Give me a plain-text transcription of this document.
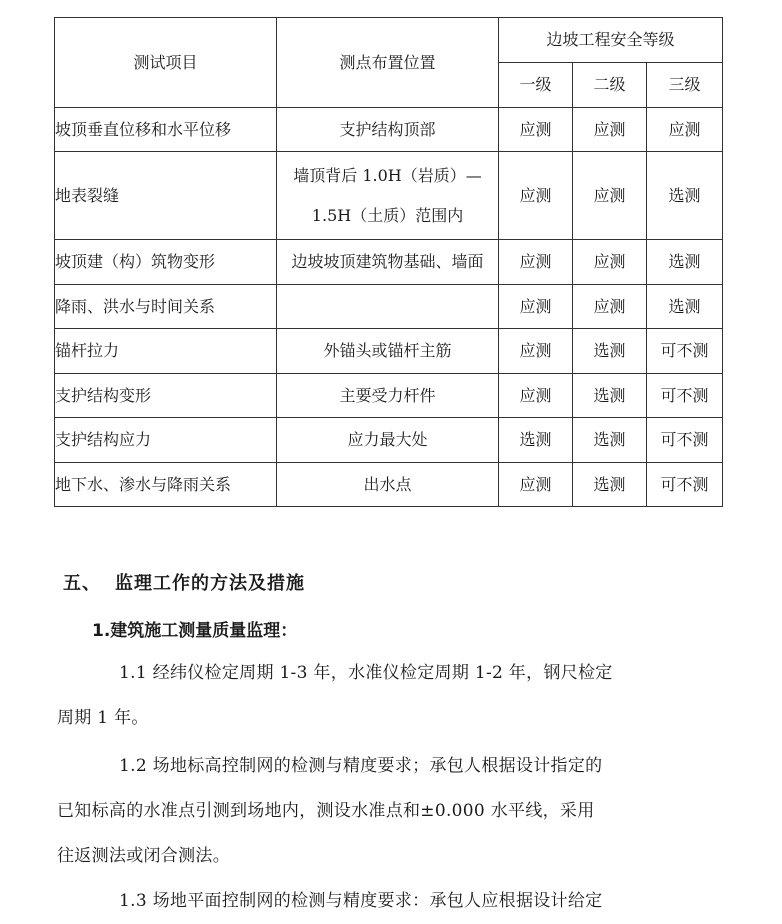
测试项目	测点布置位置	边坡工程安全等级		
		一级	二级	三级
坡顶垂直位移和水平位移	支护结构顶部	应测	应测	应测
地表裂缝	墙顶背后 1.0H（岩质）—
1.5H（土质）范围内	应测	应测	选测
坡顶建（构）筑物变形	边坡坡顶建筑物基础、墙面	应测	应测	选测
降雨、洪水与时间关系		应测	应测	选测
锚杆拉力	外锚头或锚杆主筋	应测	选测	可不测
支护结构变形	主要受力杆件	应测	选测	可不测
支护结构应力	应力最大处	选测	选测	可不测
地下水、渗水与降雨关系	出水点	应测	选测	可不测
五、 监理工作的方法及措施
1.建筑施工测量质量监理：
1.1 经纬仪检定周期 1-3 年，水准仪检定周期 1-2 年，钢尺检定
周期 1 年。
1.2 场地标高控制网的检测与精度要求；承包人根据设计指定的
已知标高的水准点引测到场地内，测设水准点和±0.000 水平线，采用
往返测法或闭合测法。
1.3 场地平面控制网的检测与精度要求：承包人应根据设计给定
